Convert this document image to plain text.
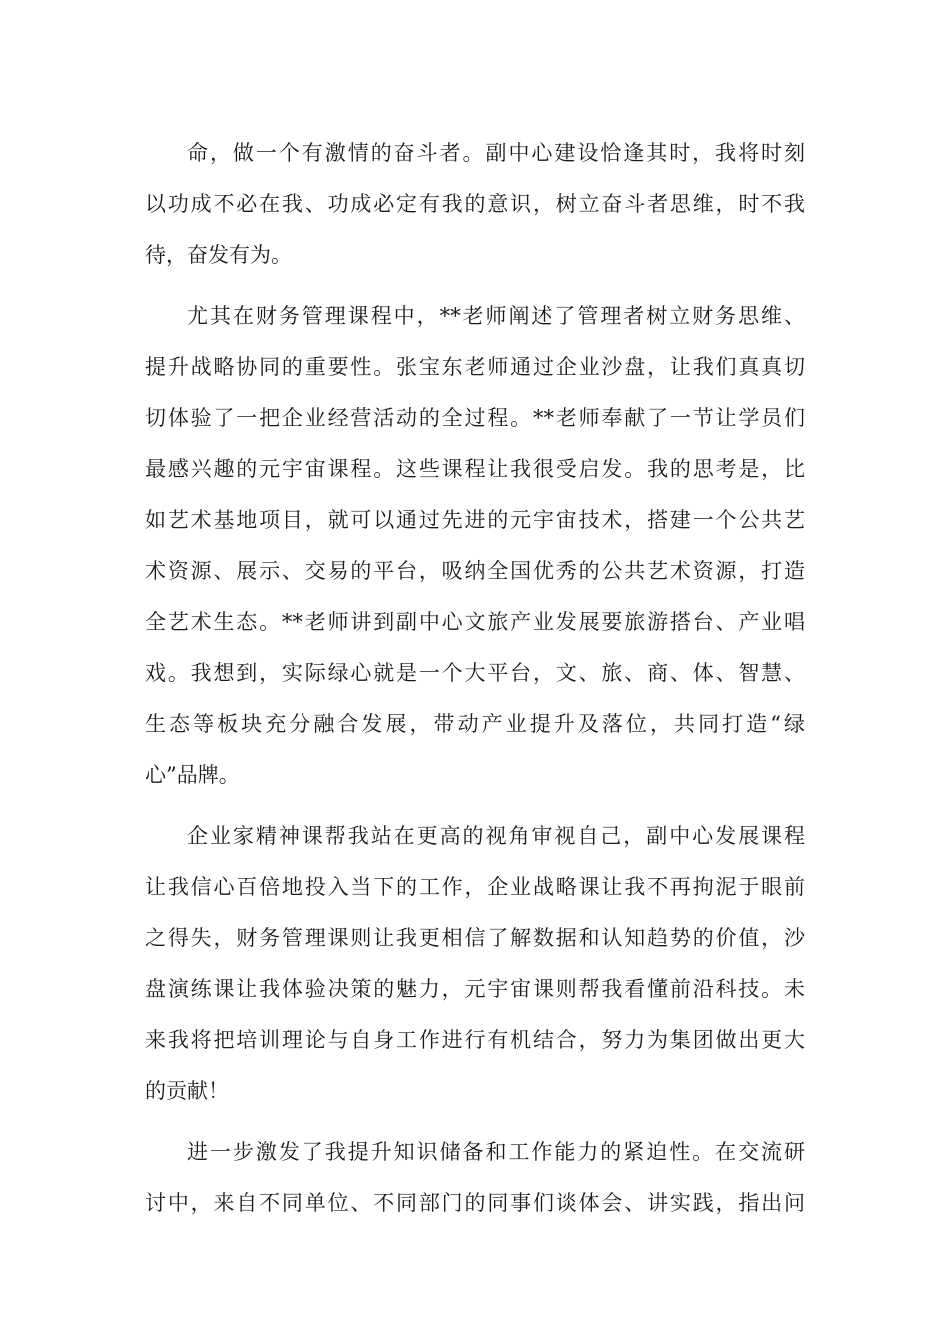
命，做一个有激情的奋斗者。副中心建设恰逢其时，我将时刻
以功成不必在我、功成必定有我的意识，树立奋斗者思维，时不我
待，奋发有为。
尤其在财务管理课程中，**老师阐述了管理者树立财务思维、
提升战略协同的重要性。张宝东老师通过企业沙盘，让我们真真切
切体验了一把企业经营活动的全过程。**老师奉献了一节让学员们
最感兴趣的元宇宙课程。这些课程让我很受启发。我的思考是，比
如艺术基地项目，就可以通过先进的元宇宙技术，搭建一个公共艺
术资源、展示、交易的平台，吸纳全国优秀的公共艺术资源，打造
全艺术生态。**老师讲到副中心文旅产业发展要旅游搭台、产业唱
戏。我想到，实际绿心就是一个大平台，文、旅、商、体、智慧、
生态等板块充分融合发展，带动产业提升及落位，共同打造“绿
心”品牌。
企业家精神课帮我站在更高的视角审视自己，副中心发展课程
让我信心百倍地投入当下的工作，企业战略课让我不再拘泥于眼前
之得失，财务管理课则让我更相信了解数据和认知趋势的价值，沙
盘演练课让我体验决策的魅力，元宇宙课则帮我看懂前沿科技。未
来我将把培训理论与自身工作进行有机结合，努力为集团做出更大
的贡献！
进一步激发了我提升知识储备和工作能力的紧迫性。在交流研
讨中，来自不同单位、不同部门的同事们谈体会、讲实践，指出问
